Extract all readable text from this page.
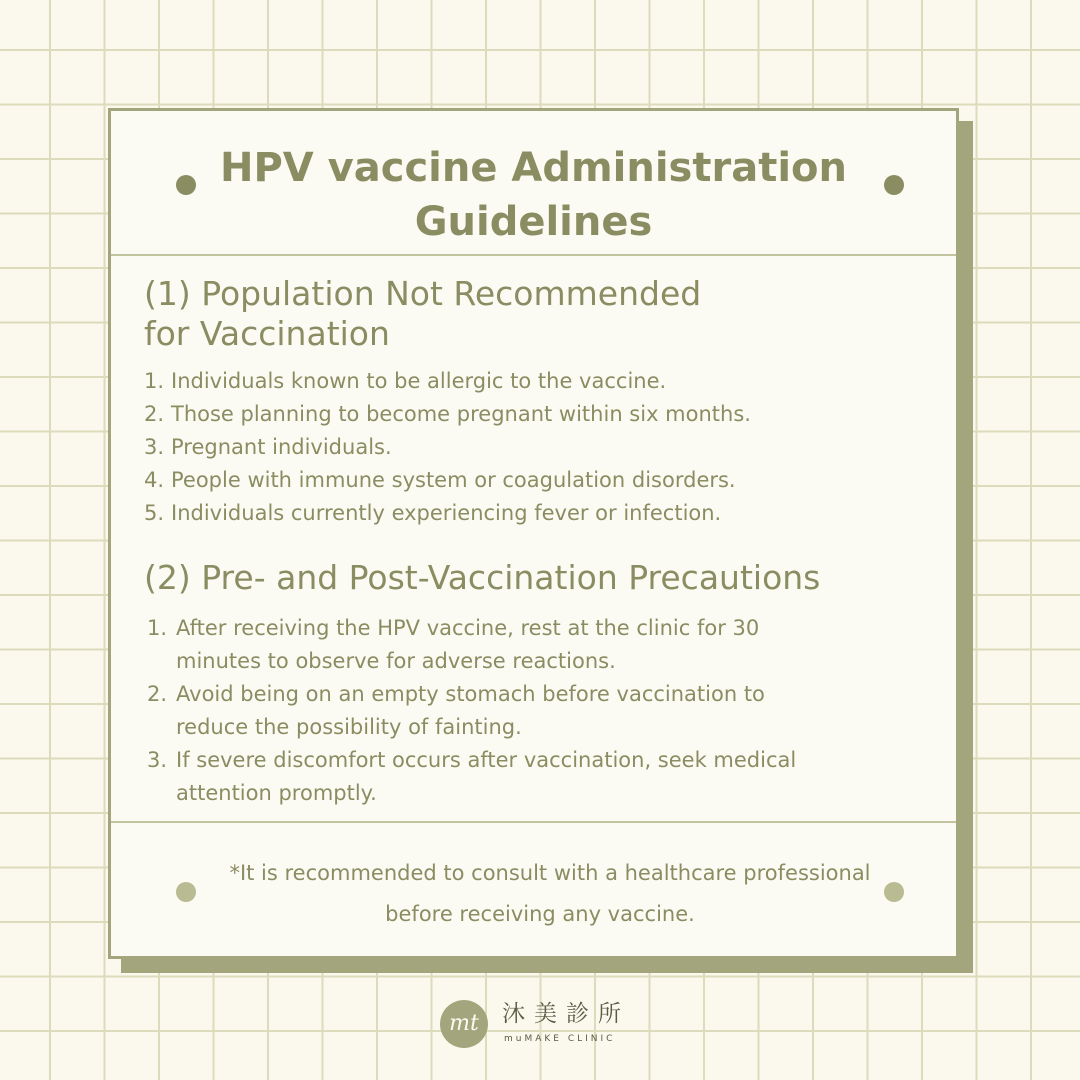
HPV vaccine Administration
Guidelines
(1) Population Not Recommended
for Vaccination
1. Individuals known to be allergic to the vaccine.
2. Those planning to become pregnant within six months.
3. Pregnant individuals.
4. People with immune system or coagulation disorders.
5. Individuals currently experiencing fever or infection.
(2) Pre- and Post-Vaccination Precautions
1. After receiving the HPV vaccine, rest at the clinic for 30 minutes to observe for adverse reactions.
2. Avoid being on an empty stomach before vaccination to reduce the possibility of fainting.
3. If severe discomfort occurs after vaccination, seek medical attention promptly.
*It is recommended to consult with a healthcare professional
before receiving any vaccine.
mt	沐美診所
muMAKE CLINIC
